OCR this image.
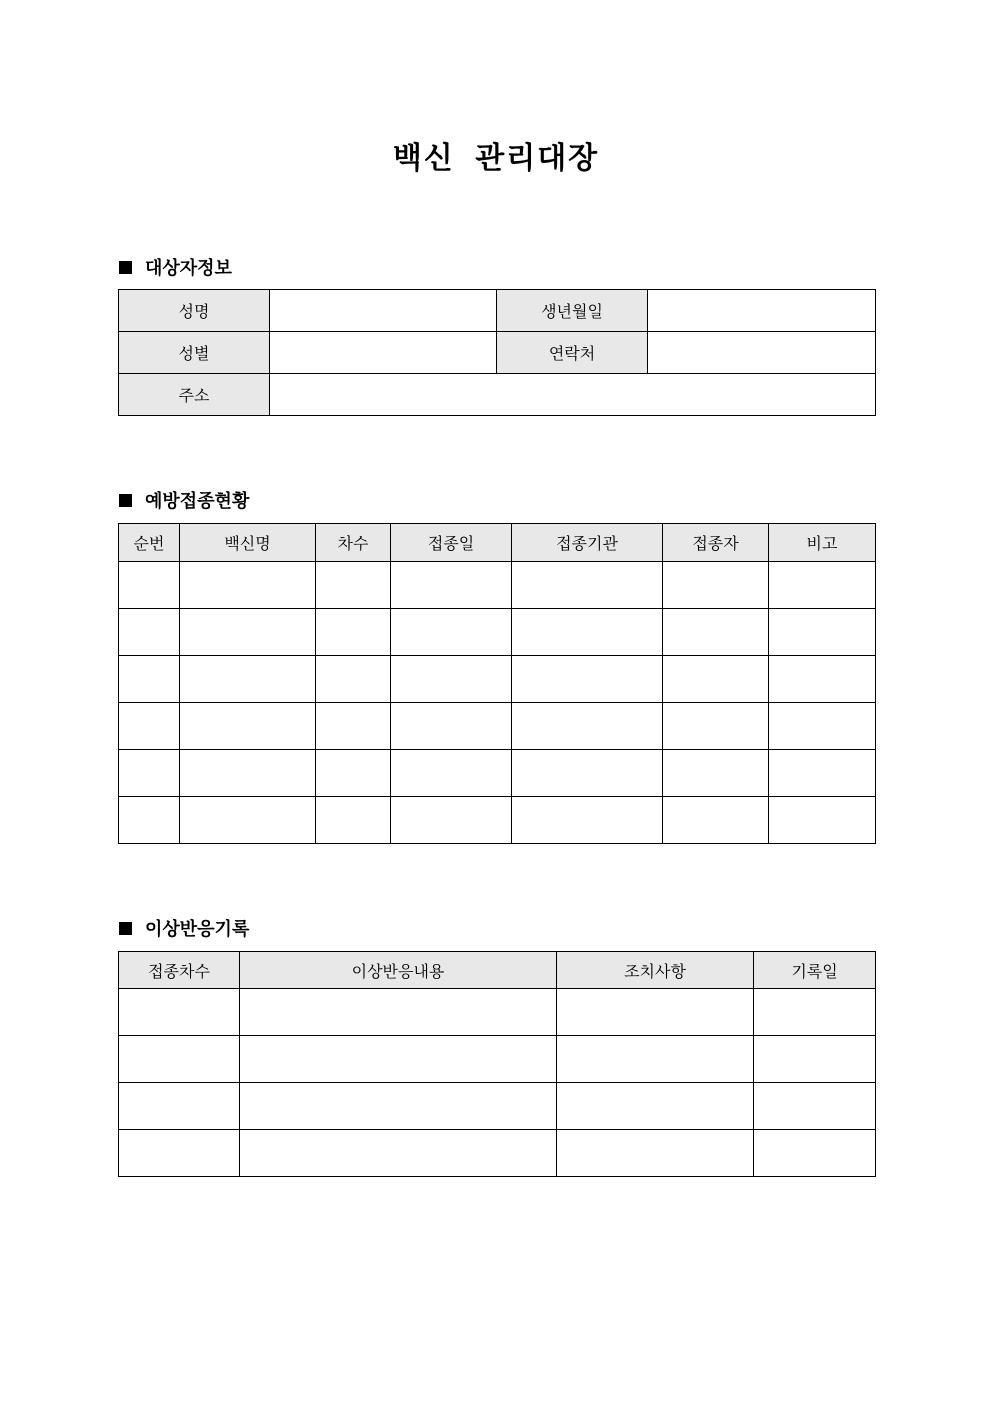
백신 관리대장
대상자정보
성명		생년월일	
성별		연락처	
주소			
예방접종현황
순번	백신명	차수	접종일	접종기관	접종자	비고

이상반응기록
접종차수	이상반응내용	조치사항	기록일
